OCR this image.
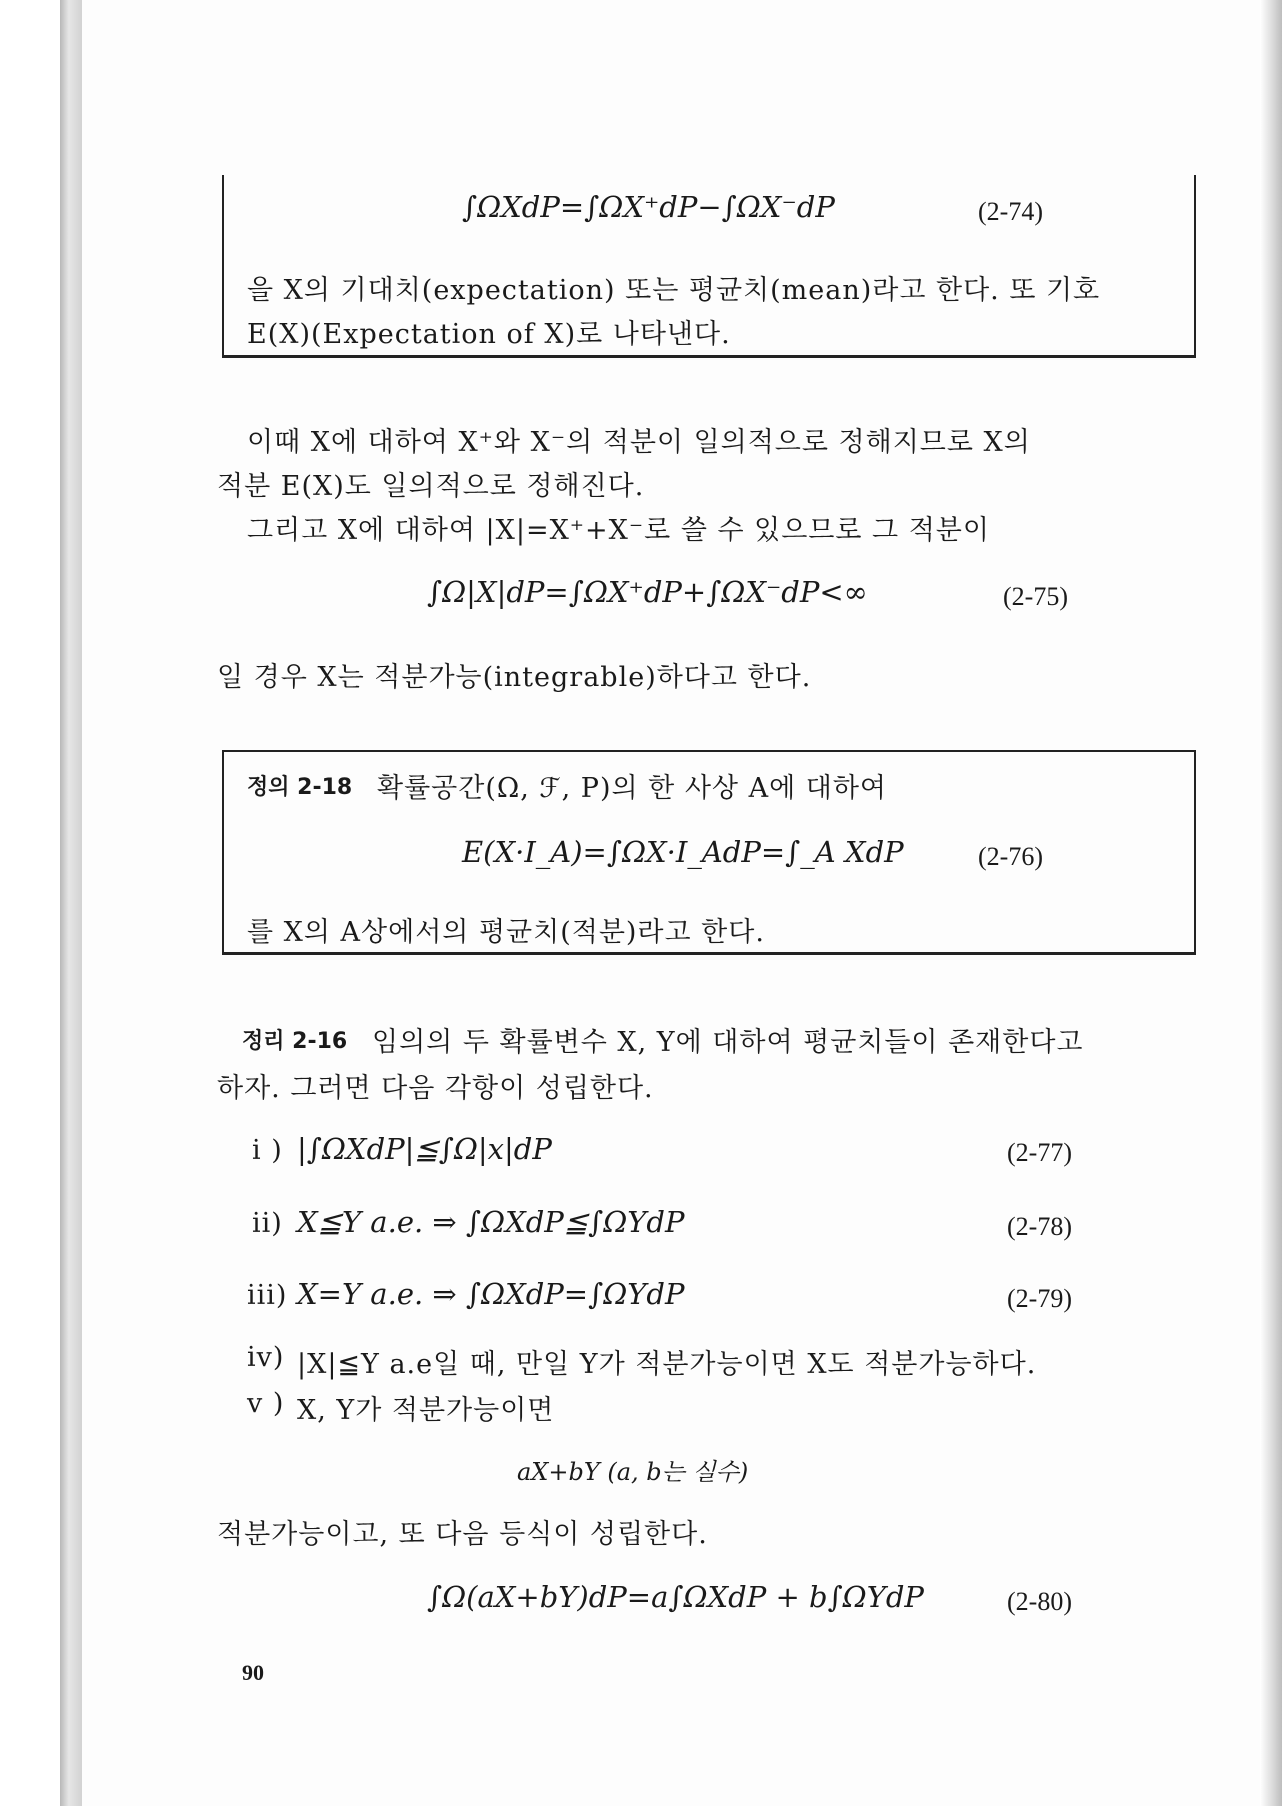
∫ΩXdP=∫ΩX⁺dP−∫ΩX⁻dP	(2-74)
을 X의 기대치(expectation) 또는 평균치(mean)라고 한다. 또 기호
E(X)(Expectation of X)로 나타낸다.
이때 X에 대하여 X⁺와 X⁻의 적분이 일의적으로 정해지므로 X의
적분 E(X)도 일의적으로 정해진다.
그리고 X에 대하여 |X|=X⁺+X⁻로 쓸 수 있으므로 그 적분이
∫Ω|X|dP=∫ΩX⁺dP+∫ΩX⁻dP<∞	(2-75)
일 경우 X는 적분가능(integrable)하다고 한다.
정의 2-18 확률공간(Ω, ℱ, P)의 한 사상 A에 대하여
E(X·I_A)=∫ΩX·I_AdP=∫_A XdP	(2-76)
를 X의 A상에서의 평균치(적분)라고 한다.
정리 2-16 임의의 두 확률변수 X, Y에 대하여 평균치들이 존재한다고
하자. 그러면 다음 각항이 성립한다.
i ) |∫ΩXdP|≦∫Ω|x|dP	(2-77)
ii) X≦Y a.e. ⇒ ∫ΩXdP≦∫ΩYdP	(2-78)
iii) X=Y a.e. ⇒ ∫ΩXdP=∫ΩYdP	(2-79)
iv) |X|≦Y a.e일 때, 만일 Y가 적분가능이면 X도 적분가능하다.
v ) X, Y가 적분가능이면
aX+bY (a, b는 실수)
적분가능이고, 또 다음 등식이 성립한다.
∫Ω(aX+bY)dP=a∫ΩXdP + b∫ΩYdP	(2-80)
90
